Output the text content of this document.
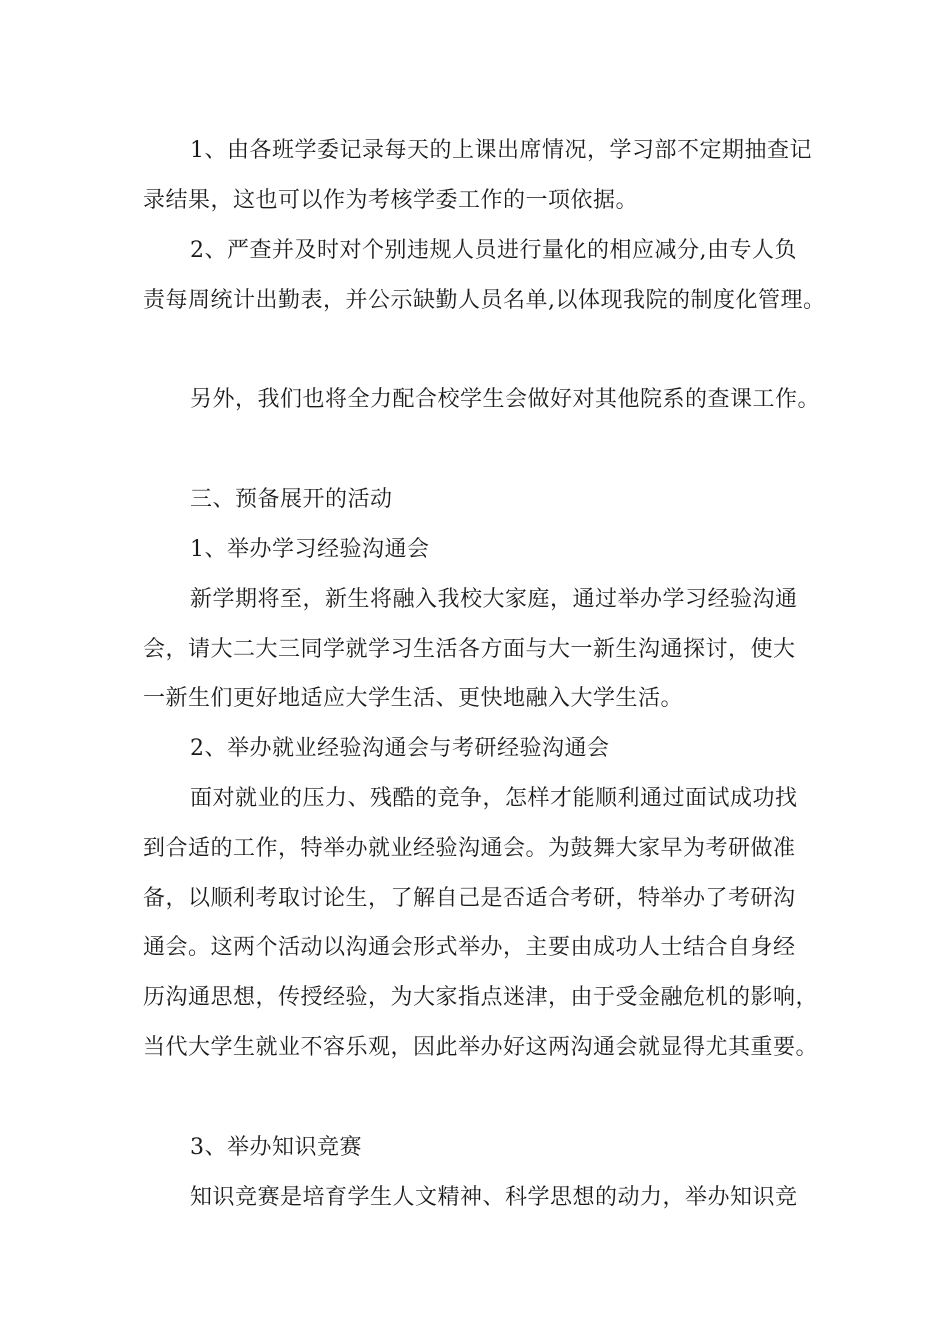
1、由各班学委记录每天的上课出席情况，学习部不定期抽查记
录结果，这也可以作为考核学委工作的一项依据。
2、严查并及时对个别违规人员进行量化的相应减分,由专人负
责每周统计出勤表，并公示缺勤人员名单,以体现我院的制度化管理。
另外，我们也将全力配合校学生会做好对其他院系的查课工作。
三、预备展开的活动
1、举办学习经验沟通会
新学期将至，新生将融入我校大家庭，通过举办学习经验沟通
会，请大二大三同学就学习生活各方面与大一新生沟通探讨，使大
一新生们更好地适应大学生活、更快地融入大学生活。
2、举办就业经验沟通会与考研经验沟通会
面对就业的压力、残酷的竞争，怎样才能顺利通过面试成功找
到合适的工作，特举办就业经验沟通会。为鼓舞大家早为考研做准
备，以顺利考取讨论生，了解自己是否适合考研，特举办了考研沟
通会。这两个活动以沟通会形式举办，主要由成功人士结合自身经
历沟通思想，传授经验，为大家指点迷津，由于受金融危机的影响，
当代大学生就业不容乐观，因此举办好这两沟通会就显得尤其重要。
3、举办知识竞赛
知识竞赛是培育学生人文精神、科学思想的动力，举办知识竞
